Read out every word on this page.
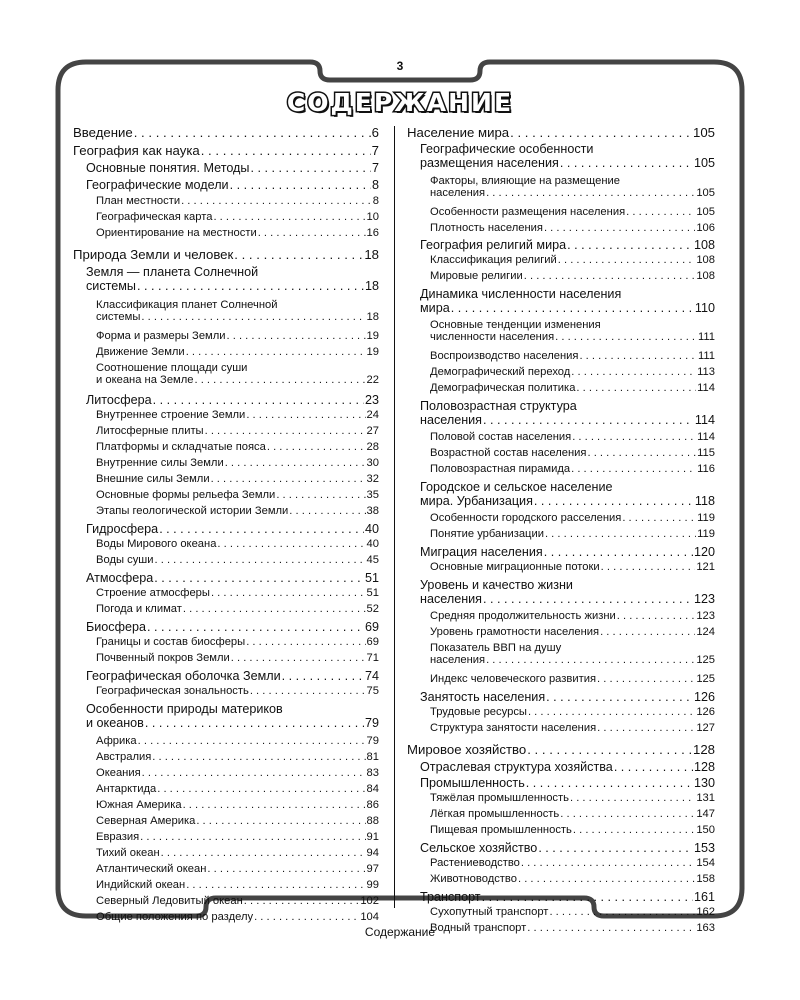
3
СОДЕРЖАНИЕ
Введение . . .	6
География как наука . . .	7
Основные понятия. Методы . . .	7
Географические модели . . .	8
План местности . . .	8
Географическая карта . . .	10
Ориентирование на местности . . .	16
Природа Земли и человек . . .	18
Земля — планета Солнечной
системы . . .	18
Классификация планет Солнечной
системы . . .	18
Форма и размеры Земли . . .	19
Движение Земли . . .	19
Соотношение площади суши
и океана на Земле . . .	22
Литосфера . . .	23
Внутреннее строение Земли . . .	24
Литосферные плиты . . .	27
Платформы и складчатые пояса . . .	28
Внутренние силы Земли . . .	30
Внешние силы Земли . . .	32
Основные формы рельефа Земли . . .	35
Этапы геологической истории Земли . . .	38
Гидросфера . . .	40
Воды Мирового океана . . .	40
Воды суши . . .	45
Атмосфера . . .	51
Строение атмосферы . . .	51
Погода и климат . . .	52
Биосфера . . .	69
Границы и состав биосферы . . .	69
Почвенный покров Земли . . .	71
Географическая оболочка Земли . . .	74
Географическая зональность . . .	75
Особенности природы материков
и океанов . . .	79
Африка . . .	79
Австралия . . .	81
Океания . . .	83
Антарктида . . .	84
Южная Америка . . .	86
Северная Америка . . .	88
Евразия . . .	91
Тихий океан . . .	94
Атлантический океан . . .	97
Индийский океан . . .	99
Северный Ледовитый океан . . .	102
Общие положения по разделу . . .	104
Население мира . . .	105
Географические особенности
размещения населения . . .	105
Факторы, влияющие на размещение
населения . . .	105
Особенности размещения населения . . .	105
Плотность населения . . .	106
География религий мира . . .	108
Классификация религий . . .	108
Мировые религии . . .	108
Динамика численности населения
мира . . .	110
Основные тенденции изменения
численности населения . . .	111
Воспроизводство населения . . .	111
Демографический переход . . .	113
Демографическая политика . . .	114
Половозрастная структура
населения . . .	114
Половой состав населения . . .	114
Возрастной состав населения . . .	115
Половозрастная пирамида . . .	116
Городское и сельское население
мира. Урбанизация . . .	118
Особенности городского расселения . . .	119
Понятие урбанизации . . .	119
Миграция населения . . .	120
Основные миграционные потоки . . .	121
Уровень и качество жизни
населения . . .	123
Средняя продолжительность жизни . . .	123
Уровень грамотности населения . . .	124
Показатель ВВП на душу
населения . . .	125
Индекс человеческого развития . . .	125
Занятость населения . . .	126
Трудовые ресурсы . . .	126
Структура занятости населения . . .	127
Мировое хозяйство . . .	128
Отраслевая структура хозяйства . . .	128
Промышленность . . .	130
Тяжёлая промышленность . . .	131
Лёгкая промышленность . . .	147
Пищевая промышленность . . .	150
Сельское хозяйство . . .	153
Растениеводство . . .	154
Животноводство . . .	158
Транспорт . . .	161
Сухопутный транспорт . . .	162
Водный транспорт . . .	163
Содержание
